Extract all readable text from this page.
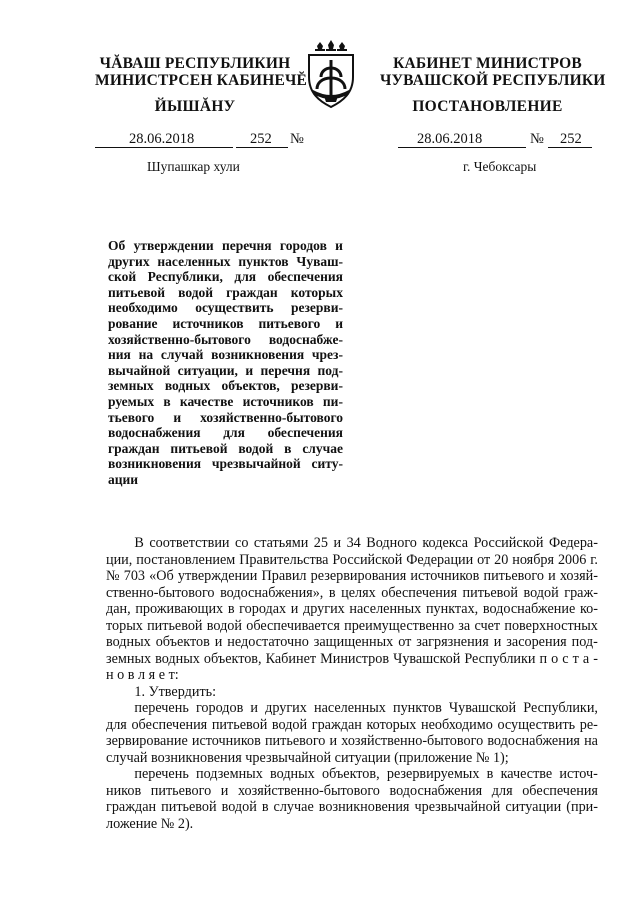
ЧĂВАШ РЕСПУБЛИКИН
МИНИСТРСЕН КАБИНЕЧĔ
ЙЫШĂНУ
КАБИНЕТ МИНИСТРОВ
ЧУВАШСКОЙ РЕСПУБЛИКИ
ПОСТАНОВЛЕНИЕ
28.06.2018	252 №	28.06.2018	№ 252
Шупашкар хули	г. Чебоксары
Об утверждении перечня городов и
других населенных пунктов Чуваш-
ской Республики, для обеспечения
питьевой водой граждан которых
необходимо осуществить резерви-
рование источников питьевого и
хозяйственно-бытового водоснабже-
ния на случай возникновения чрез-
вычайной ситуации, и перечня под-
земных водных объектов, резерви-
руемых в качестве источников пи-
тьевого и хозяйственно-бытового
водоснабжения для обеспечения
граждан питьевой водой в случае
возникновения чрезвычайной ситу-
ации
В соответствии со статьями 25 и 34 Водного кодекса Российской Федера-
ции, постановлением Правительства Российской Федерации от 20 ноября 2006 г.
№ 703 «Об утверждении Правил резервирования источников питьевого и хозяй-
ственно-бытового водоснабжения», в целях обеспечения питьевой водой граж-
дан, проживающих в городах и других населенных пунктах, водоснабжение ко-
торых питьевой водой обеспечивается преимущественно за счет поверхностных
водных объектов и недостаточно защищенных от загрязнения и засорения под-
земных водных объектов, Кабинет Министров Чувашской Республики п о с т а -
н о в л я е т:
1. Утвердить:
перечень городов и других населенных пунктов Чувашской Республики,
для обеспечения питьевой водой граждан которых необходимо осуществить ре-
зервирование источников питьевого и хозяйственно-бытового водоснабжения на
случай возникновения чрезвычайной ситуации (приложение № 1);
перечень подземных водных объектов, резервируемых в качестве источ-
ников питьевого и хозяйственно-бытового водоснабжения для обеспечения
граждан питьевой водой в случае возникновения чрезвычайной ситуации (при-
ложение № 2).
